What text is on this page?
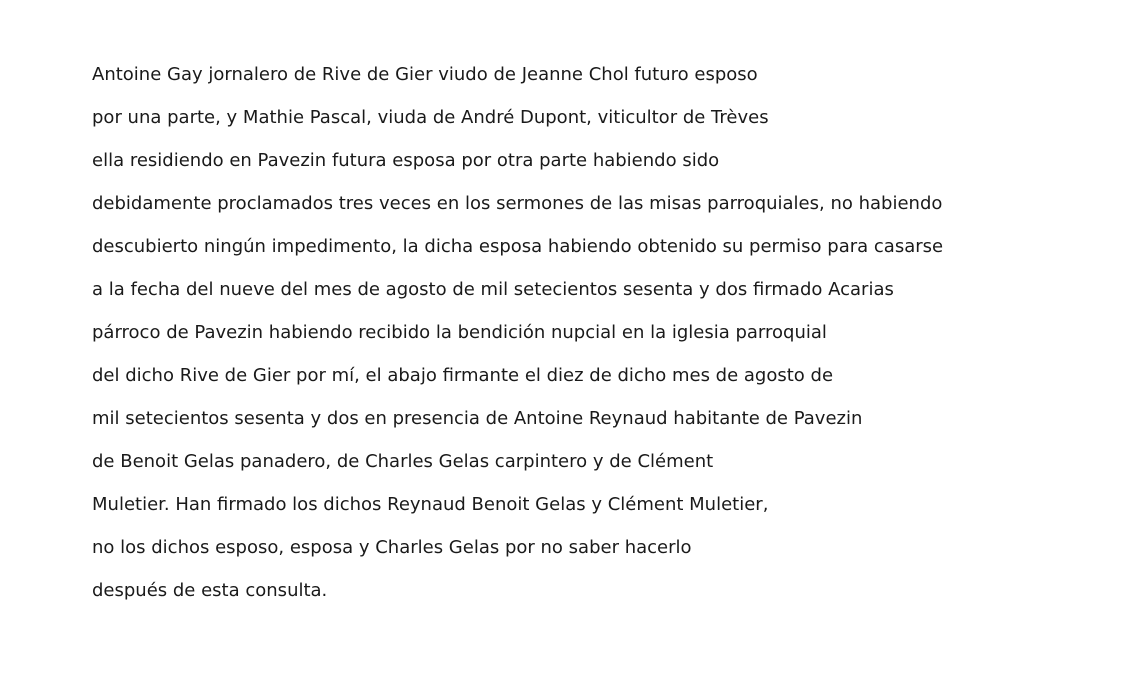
Antoine Gay jornalero de Rive de Gier viudo de Jeanne Chol futuro esposo
por una parte, y Mathie Pascal, viuda de André Dupont, viticultor de Trèves
ella residiendo en Pavezin futura esposa por otra parte habiendo sido
debidamente proclamados tres veces en los sermones de las misas parroquiales, no habiendo
descubierto ningún impedimento, la dicha esposa habiendo obtenido su permiso para casarse
a la fecha del nueve del mes de agosto de mil setecientos sesenta y dos firmado Acarias
párroco de Pavezin habiendo recibido la bendición nupcial en la iglesia parroquial
del dicho Rive de Gier por mí, el abajo firmante el diez de dicho mes de agosto de
mil setecientos sesenta y dos en presencia de Antoine Reynaud habitante de Pavezin
de Benoit Gelas panadero, de Charles Gelas carpintero y de Clément
Muletier. Han firmado los dichos Reynaud Benoit Gelas y Clément Muletier,
no los dichos esposo, esposa y Charles Gelas por no saber hacerlo
después de esta consulta.
